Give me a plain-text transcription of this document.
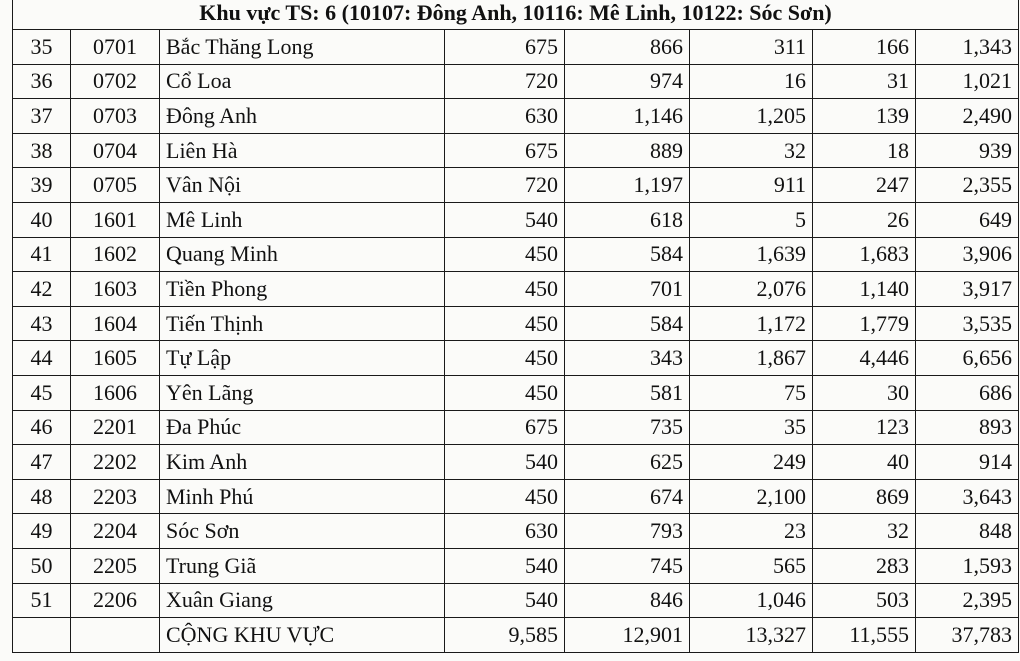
Khu vực TS: 6 (10107: Đông Anh, 10116: Mê Linh, 10122: Sóc Sơn)							
35	0701	Bắc Thăng Long	675	866	311	166	1,343
36	0702	Cổ Loa	720	974	16	31	1,021
37	0703	Đông Anh	630	1,146	1,205	139	2,490
38	0704	Liên Hà	675	889	32	18	939
39	0705	Vân Nội	720	1,197	911	247	2,355
40	1601	Mê Linh	540	618	5	26	649
41	1602	Quang Minh	450	584	1,639	1,683	3,906
42	1603	Tiền Phong	450	701	2,076	1,140	3,917
43	1604	Tiến Thịnh	450	584	1,172	1,779	3,535
44	1605	Tự Lập	450	343	1,867	4,446	6,656
45	1606	Yên Lãng	450	581	75	30	686
46	2201	Đa Phúc	675	735	35	123	893
47	2202	Kim Anh	540	625	249	40	914
48	2203	Minh Phú	450	674	2,100	869	3,643
49	2204	Sóc Sơn	630	793	23	32	848
50	2205	Trung Giã	540	745	565	283	1,593
51	2206	Xuân Giang	540	846	1,046	503	2,395
		CỘNG KHU VỰC	9,585	12,901	13,327	11,555	37,783
